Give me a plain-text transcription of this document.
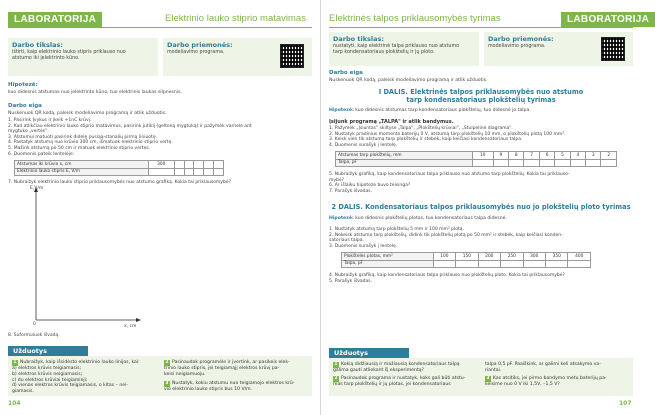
LABORATORIJA	Elektrinio lauko stiprio matavimas
Darbo tikslas:
ištirti, kaip elektrinio lauko stipris priklauso nuo
atstumo iki įelektrinto kūno.
Darbo priemonės:
modeliavimo programa.
Hipotezė:
kuo didesnis atstumas nuo įelektrinto kūno, tuo elektrinis laukas silpnesnis.
Darbo eiga
Nuskenuok QR kodą, paleisk modeliavimo programą ir atlik užduotis.
1. Pasirink Įvykus ir įkelk +1nC krūvį.
2. Kad atlikčiau elektrinio lauko stiprio matavimus, pasirink jutiklį (geltoną mygtuką) ir pažymėk varnele ant
mygtuko „vertės".
3. Atstumui matuoti pasirink didelę pusiąą-stanalių pirmą liniuotę.
4. Pastatyk atstumą nuo krūvio 300 cm, išmatuok elektrinio stiprio vertę.
5. Mažink atstumą po 50 cm ir matuok elektrinio stiprio vertes.
6. Duomenis pateik lentelėje:
Atstumas iki krūvio x, cm	300					
Elektrinio lauko stipris E, V/m						
7. Nubraižyk elektrinio lauko stiprio priklausomybės nuo atstumo grafiką. Kokia tai priklausomybė?
E,V/m
x, cm
0
8. Suformuluok išvadą.
Užduotys
1 Nubraižyk, kaip išsidėsto elektrinio lauko linijos, kai:
a) elektros krūvis teigiamasis;
b) elektros krūvis neigiamasis;
c) du elektros krūviai teigiamieji;
d) vienas elektros krūvis teigiamasis, o kitas – nei-
giamasis.
2 Pasinaudok programėle ir įvertink, ar pasikeis elek-
trinio lauko stipris, jei teigiamąjį elektros krūvį pa-
keisi neigiamuoju.
3 Nustatyk, kokiu atstumu nuo teigiamojo elektros krū-
vio elektrinio lauko stipris bus 10 V/m.
104
Elektrinės talpos priklausomybės tyrimas	LABORATORIJA
Darbo tikslas:
nustatyti, kaip elektrinė talpa priklauso nuo atstumo
tarp kondensatoriaus plokštelių ir jų ploto.
Darbo priemonės:
modeliavimo programa.
Darbo eiga
Nuskenuok QR kodą, paleisk modeliavimo programą ir atlik užduotis.
I DALIS. Elektrinės talpos priklausomybės nuo atstumo
tarp kondensatoriaus plokštelių tyrimas
Hipotezė: kuo didesnis atstumas tarp kondensatoriaus plokštelių, tuo didesnė jo talpa.
Įsijunk programą „TALPA" ir atlik bandymus.
1. Pažymėk „Įsiuntas" skiltyse „Talpa", „Plokštelių krūviai", „Stulpelinė diagrama".
2. Nustatyk pradinius momento baterijų 0 V, atstumą tarp plokštelių 10 mm, o plokštelių plotą 100 mm².
3. Keisk vien tik atstumą tarp plokštelių ir stebėk, kaip keičiasi kondensatoriaus talpa.
4. Duomenis surašyk į lentelę.
Atstumas tarp plokštelių, mm	10	9	8	7	6	5	4	3	2
Talpa, pF									
5. Nubraižyk grafiką, kaip kondensatoriaus talpa priklauso nuo atstumo tarp plokštelių. Kokia tai priklauso-
mybė?
6. Ar išlaiku hipotezė buvo teisinga?
7. Parašyk išvadas.
2 DALIS. Kondensatoriaus talpos priklausomybės nuo jo plokštelių ploto tyrimas
Hipotezė: kuo didesnis plokštelių plotas, tuo kondensatoriaus talpa didesnė.
1. Nustatyk atstumą tarp plokštelių 5 mm ir 100 mm² plotą.
2. Nekeisk atstumo tarp plokštelių, didink tik plokštelių plotą po 50 mm² ir stebėk, kaip keičiasi konden-
satoriaus talpa.
3. Duomenis surašyk į lentelę.
Plokštelės plotas, mm²	100	150	200	250	300	350	400
Talpa, pF							
4. Nubraižyk grafiką, kaip kondensatoriaus talpa priklauso nuo plokštelių ploto. Kokia tai priklausomybė?
5. Parašyk išvadas.
Užduotys
1 Kokią didžiausią ir mažiausią kondensatoriaus talpą
galima gauti atliekant šį eksperimentą?
2 Pasinaudok programa ir nustatyk, koks gali būti atstu-
mas tarp plokštelių ir jų plotas, jei kondensatoriaus
talpa 0,5 pF. Paaiškink, ar galimi keli atsakymo va-
riantai.
3 Kas atsitiks, jei pirmo bandymo metu baterijų pa-
keisime nuo 0 V iki 1,5V, –1,5 V?
107
